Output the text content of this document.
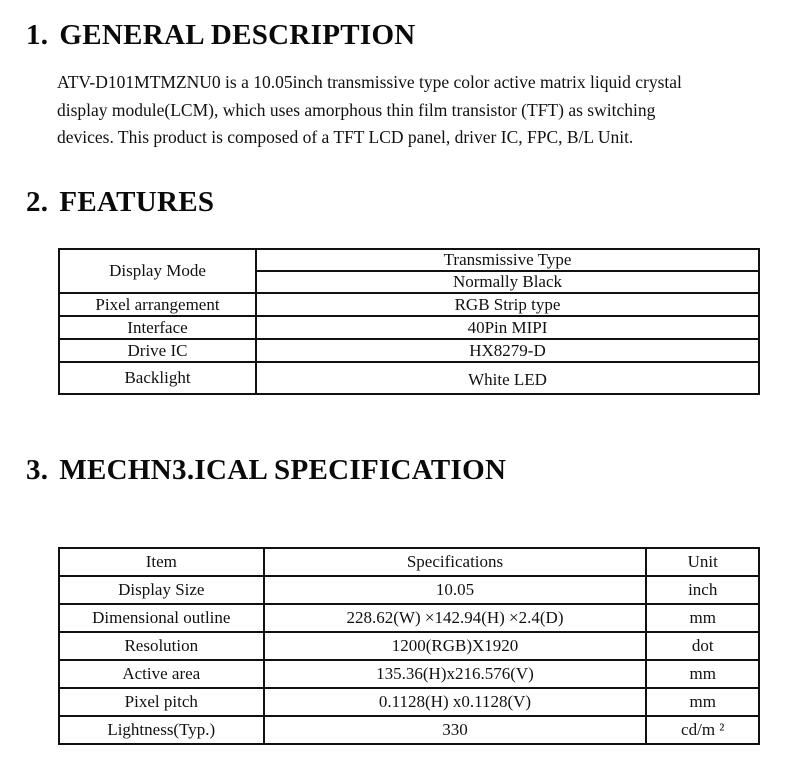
1. GENERAL DESCRIPTION

ATV-D101MTMZNU0 is a 10.05inch transmissive type color active matrix liquid crystal
display module(LCM), which uses amorphous thin film transistor (TFT) as switching
devices. This product is composed of a TFT LCD panel, driver IC, FPC, B/L Unit.

2. FEATURES
Display Mode	Transmissive Type
	Normally Black
Pixel arrangement	RGB Strip type
Interface	40Pin MIPI
Drive IC	HX8279-D
Backlight	White LED
3. MECHN3.ICAL SPECIFICATION
Item	Specifications	Unit
Display Size	10.05	inch
Dimensional outline	228.62(W) ×142.94(H) ×2.4(D)	mm
Resolution	1200(RGB)X1920	dot
Active area	135.36(H)x216.576(V)	mm
Pixel pitch	0.1128(H) x0.1128(V)	mm
Lightness(Typ.)	330	cd/m ²
